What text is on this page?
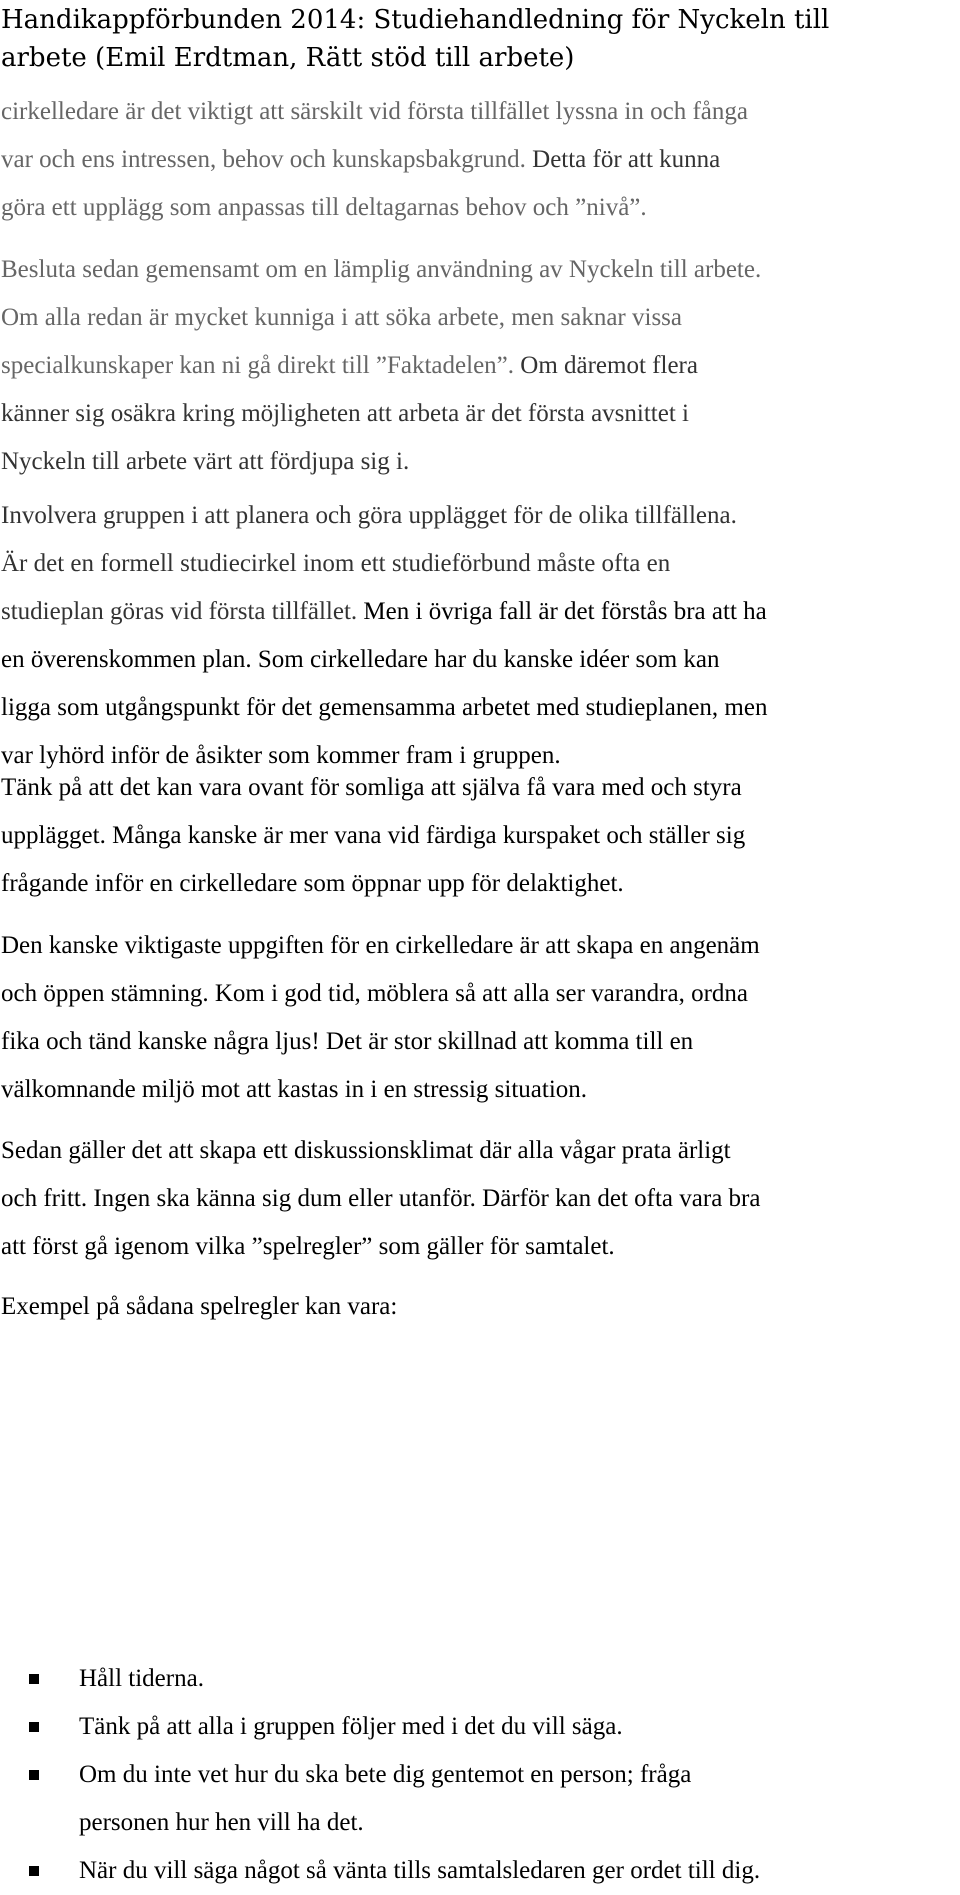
Handikappförbunden 2014: Studiehandledning för Nyckeln till
arbete (Emil Erdtman, Rätt stöd till arbete)
cirkelledare är det viktigt att särskilt vid första tillfället lyssna in och fånga
var och ens intressen, behov och kunskapsbakgrund. Detta för att kunna
göra ett upplägg som anpassas till deltagarnas behov och ”nivå”.
Besluta sedan gemensamt om en lämplig användning av Nyckeln till arbete.
Om alla redan är mycket kunniga i att söka arbete, men saknar vissa
specialkunskaper kan ni gå direkt till ”Faktadelen”. Om däremot flera
känner sig osäkra kring möjligheten att arbeta är det första avsnittet i
Nyckeln till arbete värt att fördjupa sig i.
Involvera gruppen i att planera och göra upplägget för de olika tillfällena.
Är det en formell studiecirkel inom ett studieförbund måste ofta en
studieplan göras vid första tillfället. Men i övriga fall är det förstås bra att ha
en överenskommen plan. Som cirkelledare har du kanske idéer som kan
ligga som utgångspunkt för det gemensamma arbetet med studieplanen, men
var lyhörd inför de åsikter som kommer fram i gruppen.
Tänk på att det kan vara ovant för somliga att själva få vara med och styra
upplägget. Många kanske är mer vana vid färdiga kurspaket och ställer sig
frågande inför en cirkelledare som öppnar upp för delaktighet.
Den kanske viktigaste uppgiften för en cirkelledare är att skapa en angenäm
och öppen stämning. Kom i god tid, möblera så att alla ser varandra, ordna
fika och tänd kanske några ljus! Det är stor skillnad att komma till en
välkomnande miljö mot att kastas in i en stressig situation.
Sedan gäller det att skapa ett diskussionsklimat där alla vågar prata ärligt
och fritt. Ingen ska känna sig dum eller utanför. Därför kan det ofta vara bra
att först gå igenom vilka ”spelregler” som gäller för samtalet.
Exempel på sådana spelregler kan vara:
Håll tiderna.
Tänk på att alla i gruppen följer med i det du vill säga.
Om du inte vet hur du ska bete dig gentemot en person; fråga
personen hur hen vill ha det.
När du vill säga något så vänta tills samtalsledaren ger ordet till dig.
